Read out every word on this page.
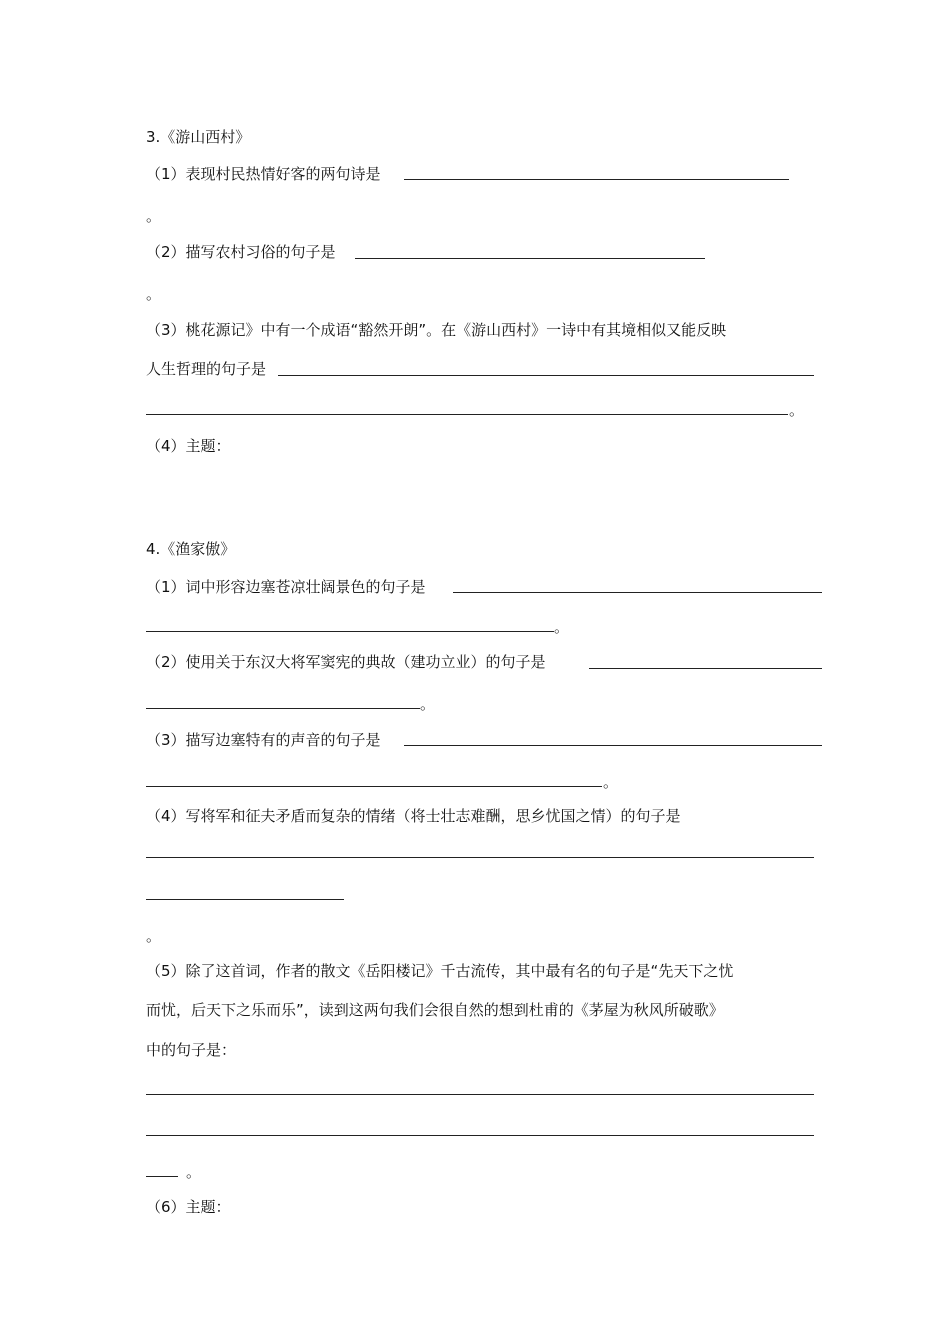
3.《游山西村》
（1）表现村民热情好客的两句诗是
。
（2）描写农村习俗的句子是
。
（3）桃花源记》中有一个成语“豁然开朗”。在《游山西村》一诗中有其境相似又能反映
人生哲理的句子是
。
（4）主题：
4.《渔家傲》
（1）词中形容边塞苍凉壮阔景色的句子是
。
（2）使用关于东汉大将军窦宪的典故（建功立业）的句子是
。
（3）描写边塞特有的声音的句子是
。
（4）写将军和征夫矛盾而复杂的情绪（将士壮志难酬，思乡忧国之情）的句子是
。
（5）除了这首词，作者的散文《岳阳楼记》千古流传，其中最有名的句子是“先天下之忧
而忧，后天下之乐而乐”，读到这两句我们会很自然的想到杜甫的《茅屋为秋风所破歌》
中的句子是：
。
（6）主题：
